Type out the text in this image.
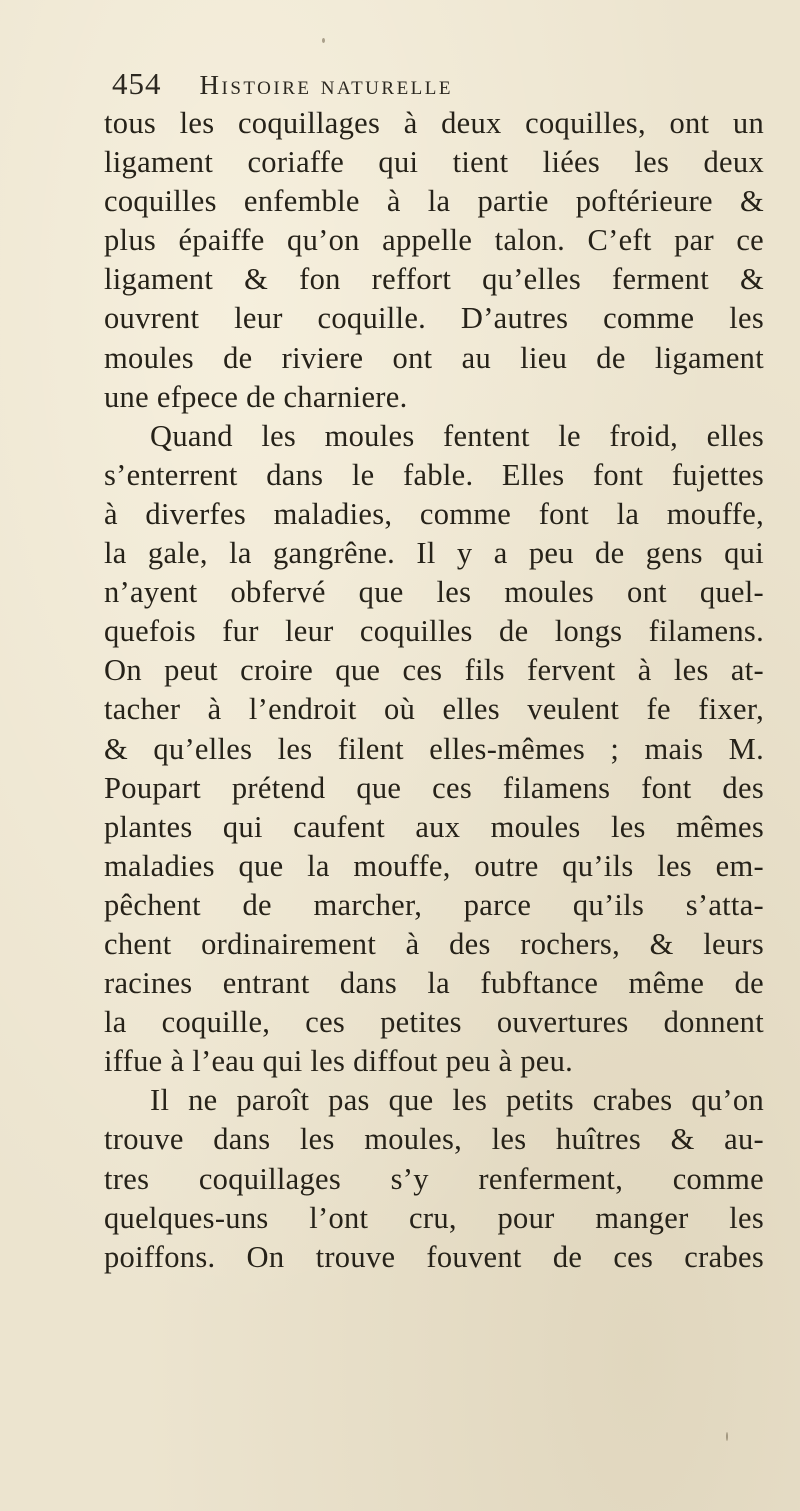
454 Histoire naturelle
tous les coquillages à deux coquilles, ont un
ligament coriaffe qui tient liées les deux
coquilles enfemble à la partie poftérieure &
plus épaiffe qu’on appelle talon. C’eft par ce
ligament & fon reffort qu’elles ferment &
ouvrent leur coquille. D’autres comme les
moules de riviere ont au lieu de ligament
une efpece de charniere.
Quand les moules fentent le froid, elles
s’enterrent dans le fable. Elles font fujettes
à diverfes maladies, comme font la mouffe,
la gale, la gangrêne. Il y a peu de gens qui
n’ayent obfervé que les moules ont quel-
quefois fur leur coquilles de longs filamens.
On peut croire que ces fils fervent à les at-
tacher à l’endroit où elles veulent fe fixer,
& qu’elles les filent elles-mêmes ; mais M.
Poupart prétend que ces filamens font des
plantes qui caufent aux moules les mêmes
maladies que la mouffe, outre qu’ils les em-
pêchent de marcher, parce qu’ils s’atta-
chent ordinairement à des rochers, & leurs
racines entrant dans la fubftance même de
la coquille, ces petites ouvertures donnent
iffue à l’eau qui les diffout peu à peu.
Il ne paroît pas que les petits crabes qu’on
trouve dans les moules, les huîtres & au-
tres coquillages s’y renferment, comme
quelques-uns l’ont cru, pour manger les
poiffons. On trouve fouvent de ces crabes
